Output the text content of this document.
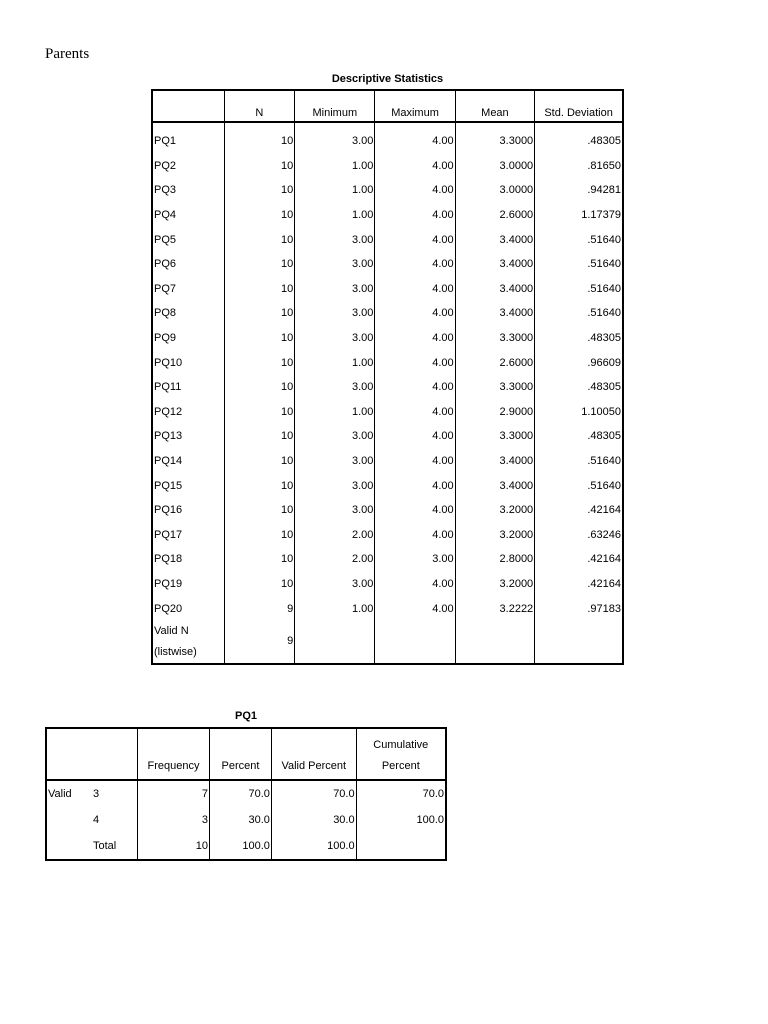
Parents
Descriptive Statistics
	N	Minimum	Maximum	Mean	Std. Deviation
PQ1	10	3.00	4.00	3.3000	.48305
PQ2	10	1.00	4.00	3.0000	.81650
PQ3	10	1.00	4.00	3.0000	.94281
PQ4	10	1.00	4.00	2.6000	1.17379
PQ5	10	3.00	4.00	3.4000	.51640
PQ6	10	3.00	4.00	3.4000	.51640
PQ7	10	3.00	4.00	3.4000	.51640
PQ8	10	3.00	4.00	3.4000	.51640
PQ9	10	3.00	4.00	3.3000	.48305
PQ10	10	1.00	4.00	2.6000	.96609
PQ11	10	3.00	4.00	3.3000	.48305
PQ12	10	1.00	4.00	2.9000	1.10050
PQ13	10	3.00	4.00	3.3000	.48305
PQ14	10	3.00	4.00	3.4000	.51640
PQ15	10	3.00	4.00	3.4000	.51640
PQ16	10	3.00	4.00	3.2000	.42164
PQ17	10	2.00	4.00	3.2000	.63246
PQ18	10	2.00	3.00	2.8000	.42164
PQ19	10	3.00	4.00	3.2000	.42164
PQ20	9	1.00	4.00	3.2222	.97183
Valid N
(listwise)	9				
PQ1
		Frequency	Percent	Valid Percent	Cumulative
Percent
Valid	3	7	70.0	70.0	70.0
	4	3	30.0	30.0	100.0
	Total	10	100.0	100.0	
